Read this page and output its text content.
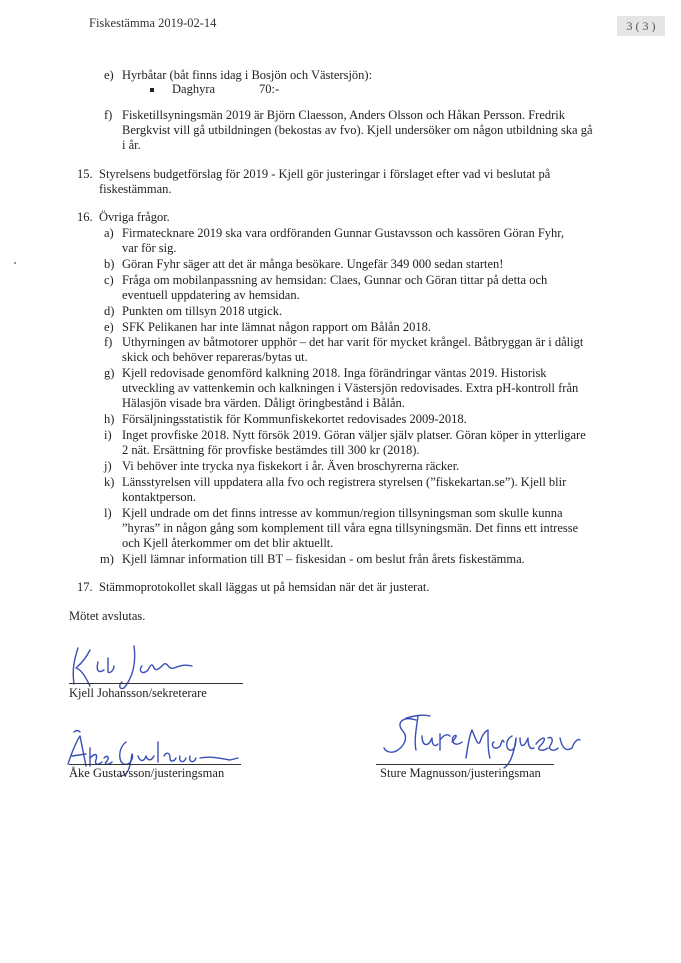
Fiskestämma 2019-02-14	3 ( 3 )
e) Hyrbåtar (båt finns idag i Bosjön och Västersjön):
Daghyra	70:-
f) Fisketillsyningsmän 2019 är Björn Claesson, Anders Olsson och Håkan Persson. Fredrik
Bergkvist vill gå utbildningen (bekostas av fvo). Kjell undersöker om någon utbildning ska gå
i år.
15. Styrelsens budgetförslag för 2019 - Kjell gör justeringar i förslaget efter vad vi beslutat på
fiskestämman.
16. Övriga frågor.
a) Firmatecknare 2019 ska vara ordföranden Gunnar Gustavsson och kassören Göran Fyhr,
var för sig.
b) Göran Fyhr säger att det är många besökare. Ungefär 349 000 sedan starten!
c) Fråga om mobilanpassning av hemsidan: Claes, Gunnar och Göran tittar på detta och
eventuell uppdatering av hemsidan.
d) Punkten om tillsyn 2018 utgick.
e) SFK Pelikanen har inte lämnat någon rapport om Bålån 2018.
f) Uthyrningen av båtmotorer upphör – det har varit för mycket krångel. Båtbryggan är i dåligt
skick och behöver repareras/bytas ut.
g) Kjell redovisade genomförd kalkning 2018. Inga förändringar väntas 2019. Historisk
utveckling av vattenkemin och kalkningen i Västersjön redovisades. Extra pH-kontroll från
Hälasjön visade bra värden. Dåligt öringbestånd i Bålån.
h) Försäljningsstatistik för Kommunfiskekortet redovisades 2009-2018.
i) Inget provfiske 2018. Nytt försök 2019. Göran väljer själv platser. Göran köper in ytterligare
2 nät. Ersättning för provfiske bestämdes till 300 kr (2018).
j) Vi behöver inte trycka nya fiskekort i år. Även broschyrerna räcker.
k) Länsstyrelsen vill uppdatera alla fvo och registrera styrelsen (”fiskekartan.se”). Kjell blir
kontaktperson.
l) Kjell undrade om det finns intresse av kommun/region tillsyningsman som skulle kunna
”hyras” in någon gång som komplement till våra egna tillsyningsmän. Det finns ett intresse
och Kjell återkommer om det blir aktuellt.
m) Kjell lämnar information till BT – fiskesidan - om beslut från årets fiskestämma.
17. Stämmoprotokollet skall läggas ut på hemsidan när det är justerat.
Mötet avslutas.
Kjell Johansson/sekreterare
Åke Gustavsson/justeringsman	Sture Magnusson/justeringsman
